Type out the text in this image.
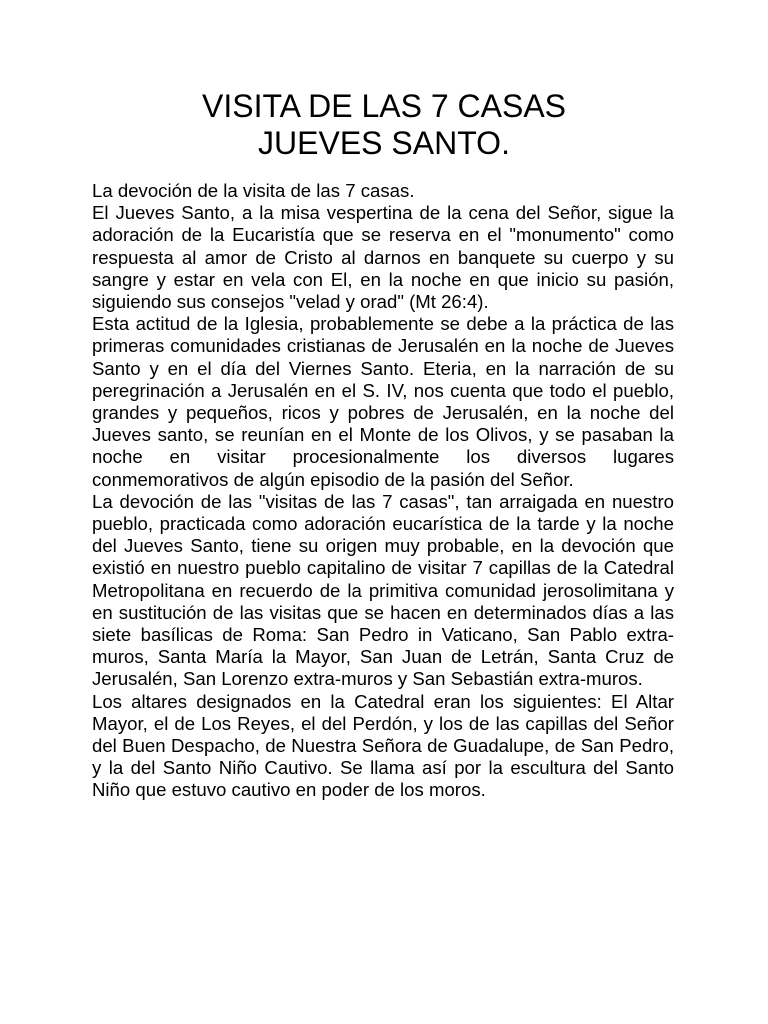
VISITA DE LAS 7 CASAS
JUEVES SANTO.

La devoción de la visita de las 7 casas.

El Jueves Santo, a la misa vespertina de la cena del Señor, sigue la adoración de la Eucaristía que se reserva en el "monumento" como respuesta al amor de Cristo al darnos en banquete su cuerpo y su sangre y estar en vela con El, en la noche en que inicio su pasión, siguiendo sus consejos "velad y orad" (Mt 26:4).

Esta actitud de la Iglesia, probablemente se debe a la práctica de las primeras comunidades cristianas de Jerusalén en la noche de Jueves Santo y en el día del Viernes Santo. Eteria, en la narración de su peregrinación a Jerusalén en el S. IV, nos cuenta que todo el pueblo, grandes y pequeños, ricos y pobres de Jerusalén, en la noche del Jueves santo, se reunían en el Monte de los Olivos, y se pasaban la noche en visitar procesionalmente los diversos lugares conmemorativos de algún episodio de la pasión del Señor.

La devoción de las "visitas de las 7 casas", tan arraigada en nuestro pueblo, practicada como adoración eucarística de la tarde y la noche del Jueves Santo, tiene su origen muy probable, en la devoción que existió en nuestro pueblo capitalino de visitar 7 capillas de la Catedral Metropolitana en recuerdo de la primitiva comunidad jerosolimitana y en sustitución de las visitas que se hacen en determinados días a las siete basílicas de Roma: San Pedro in Vaticano, San Pablo extra-muros, Santa María la Mayor, San Juan de Letrán, Santa Cruz de Jerusalén, San Lorenzo extra-muros y San Sebastián extra-muros.

Los altares designados en la Catedral eran los siguientes: El Altar Mayor, el de Los Reyes, el del Perdón, y los de las capillas del Señor del Buen Despacho, de Nuestra Señora de Guadalupe, de San Pedro, y la del Santo Niño Cautivo. Se llama así por la escultura del Santo Niño que estuvo cautivo en poder de los moros.
